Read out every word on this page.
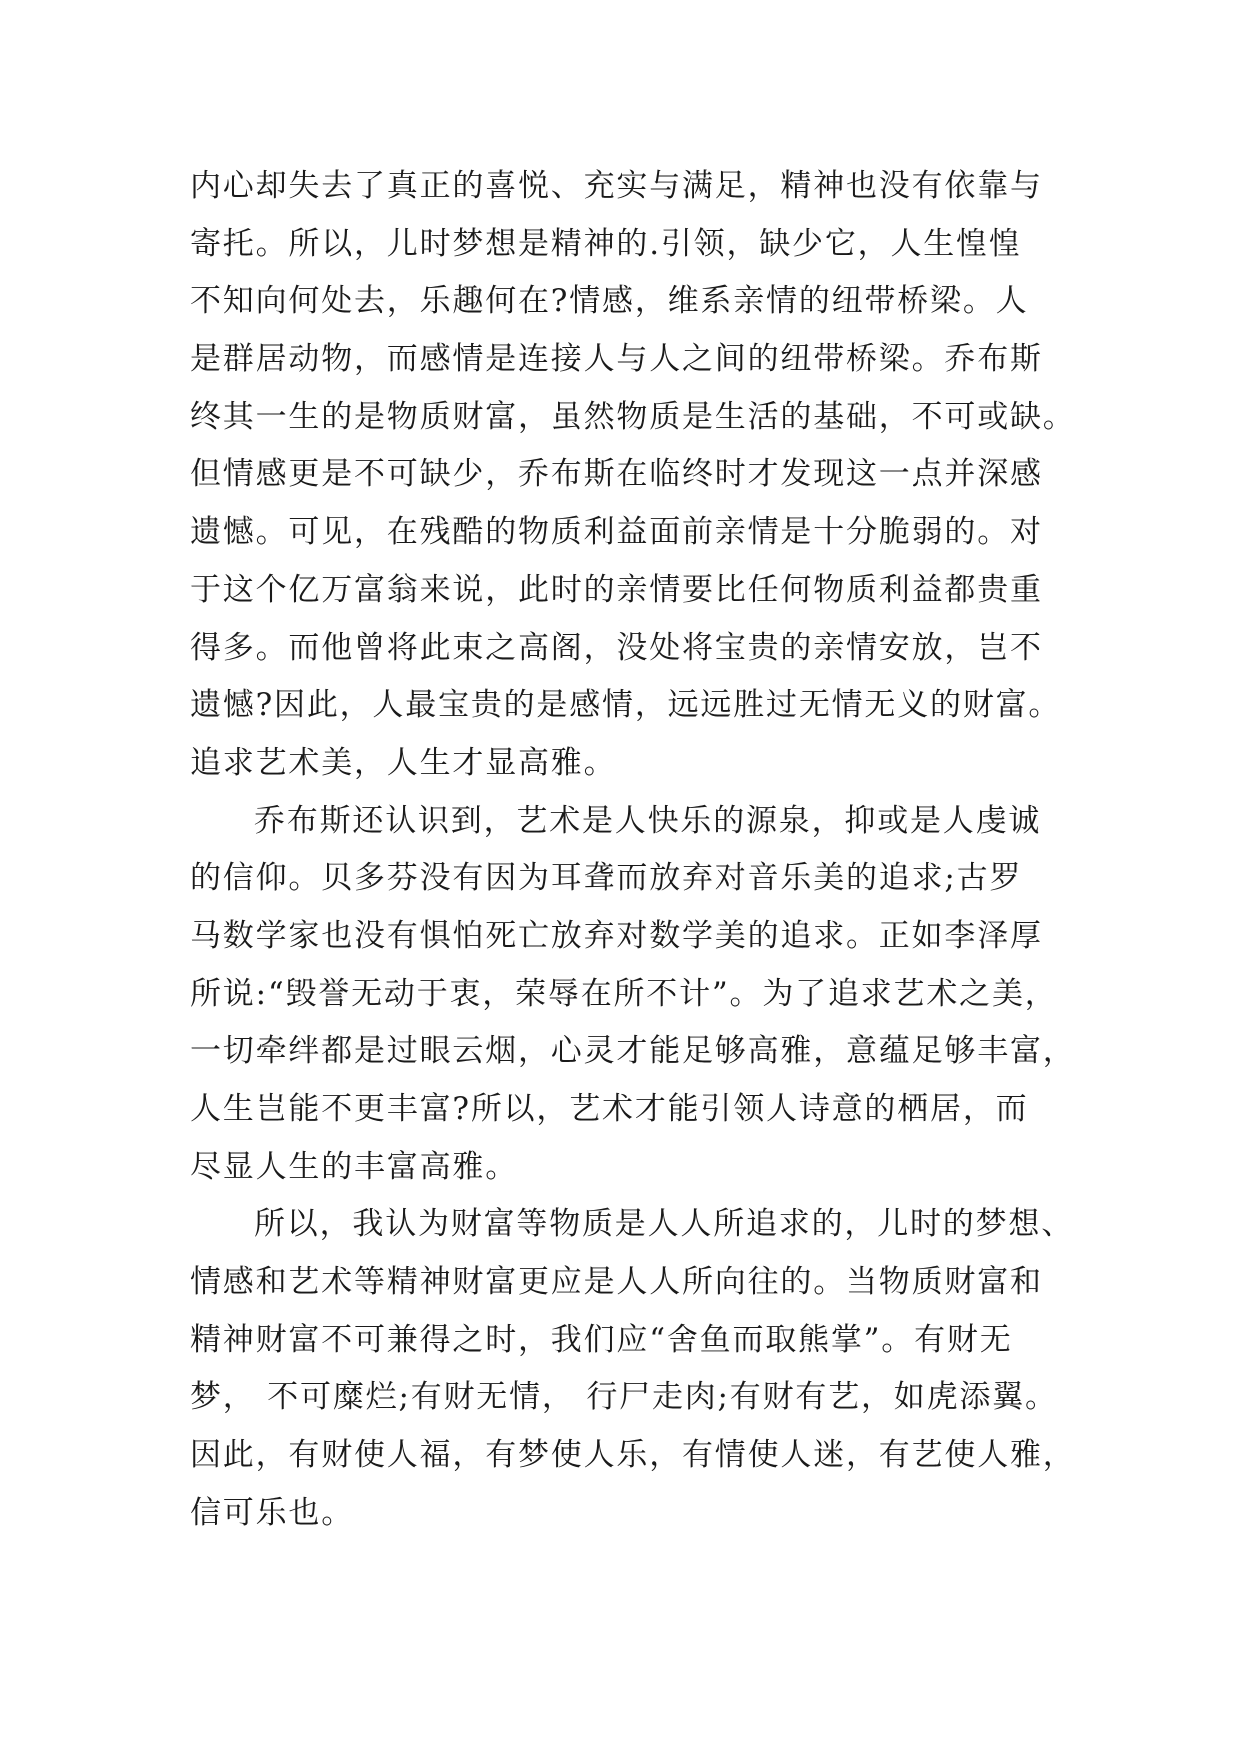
内心却失去了真正的喜悦、充实与满足，精神也没有依靠与
寄托。所以，儿时梦想是精神的.引领，缺少它，人生惶惶
不知向何处去，乐趣何在?情感，维系亲情的纽带桥梁。人
是群居动物，而感情是连接人与人之间的纽带桥梁。乔布斯
终其一生的是物质财富，虽然物质是生活的基础，不可或缺。
但情感更是不可缺少，乔布斯在临终时才发现这一点并深感
遗憾。可见，在残酷的物质利益面前亲情是十分脆弱的。对
于这个亿万富翁来说，此时的亲情要比任何物质利益都贵重
得多。而他曾将此束之高阁，没处将宝贵的亲情安放，岂不
遗憾?因此，人最宝贵的是感情，远远胜过无情无义的财富。
追求艺术美，人生才显高雅。
乔布斯还认识到，艺术是人快乐的源泉，抑或是人虔诚
的信仰。贝多芬没有因为耳聋而放弃对音乐美的追求;古罗
马数学家也没有惧怕死亡放弃对数学美的追求。正如李泽厚
所说:“毁誉无动于衷，荣辱在所不计”。为了追求艺术之美，
一切牵绊都是过眼云烟，心灵才能足够高雅，意蕴足够丰富，
人生岂能不更丰富?所以，艺术才能引领人诗意的栖居，而
尽显人生的丰富高雅。
所以，我认为财富等物质是人人所追求的，儿时的梦想、
情感和艺术等精神财富更应是人人所向往的。当物质财富和
精神财富不可兼得之时，我们应“舍鱼而取熊掌”。有财无
梦， 不可糜烂;有财无情， 行尸走肉;有财有艺，如虎添翼。
因此，有财使人福，有梦使人乐，有情使人迷，有艺使人雅，
信可乐也。
